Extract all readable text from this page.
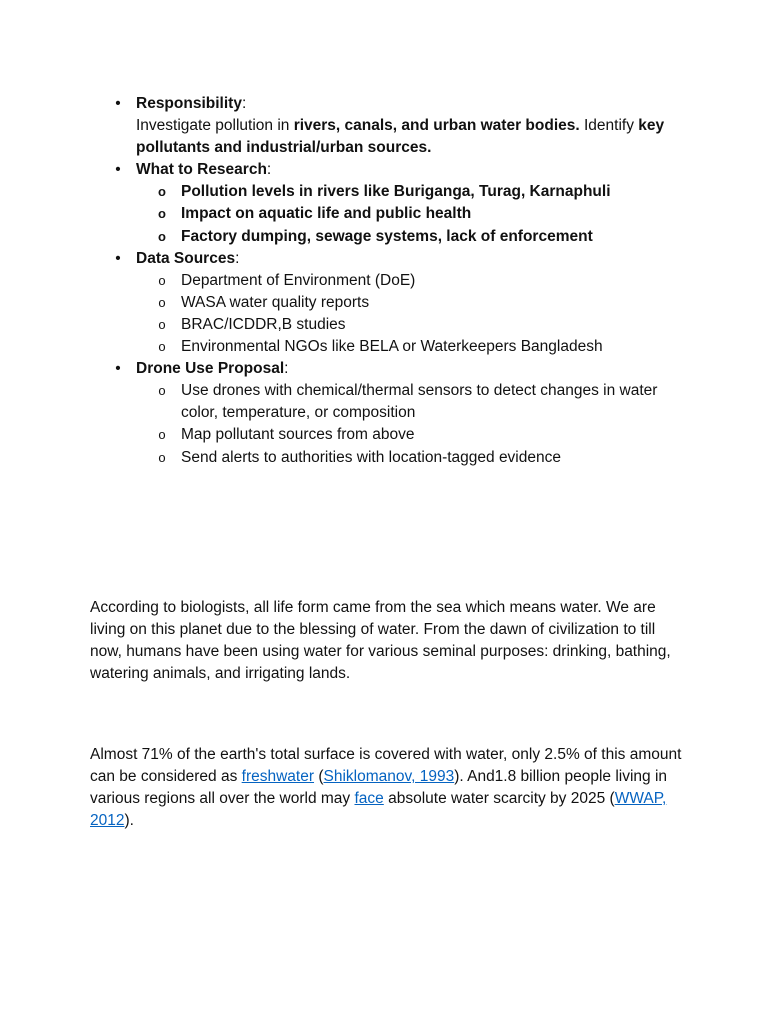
• Responsibility:
Investigate pollution in rivers, canals, and urban water bodies. Identify key pollutants and industrial/urban sources.
• What to Research:
o Pollution levels in rivers like Buriganga, Turag, Karnaphuli
o Impact on aquatic life and public health
o Factory dumping, sewage systems, lack of enforcement
• Data Sources:
o Department of Environment (DoE)
o WASA water quality reports
o BRAC/ICDDR,B studies
o Environmental NGOs like BELA or Waterkeepers Bangladesh
• Drone Use Proposal:
o Use drones with chemical/thermal sensors to detect changes in water color, temperature, or composition
o Map pollutant sources from above
o Send alerts to authorities with location-tagged evidence

According to biologists, all life form came from the sea which means water. We are living on this planet due to the blessing of water. From the dawn of civilization to till now, humans have been using water for various seminal purposes: drinking, bathing, watering animals, and irrigating lands.

Almost 71% of the earth's total surface is covered with water, only 2.5% of this amount can be considered as freshwater (Shiklomanov, 1993). And1.8 billion people living in various regions all over the world may face absolute water scarcity by 2025 (WWAP, 2012).
